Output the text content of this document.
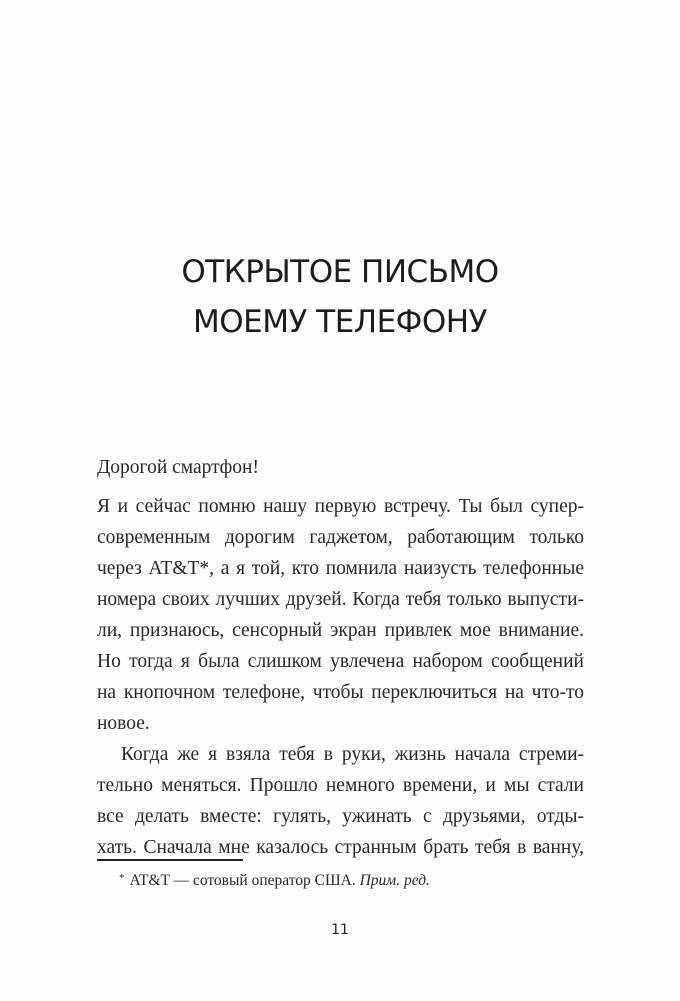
ОТКРЫТОЕ ПИСЬМО
МОЕМУ ТЕЛЕФОНУ
Дорогой смартфон!
Я и сейчас помню нашу первую встречу. Ты был супер-
современным дорогим гаджетом, работающим только
через AT&T*, а я той, кто помнила наизусть телефонные
номера своих лучших друзей. Когда тебя только выпусти-
ли, признаюсь, сенсорный экран привлек мое внимание.
Но тогда я была слишком увлечена набором сообщений
на кнопочном телефоне, чтобы переключиться на что-то
новое.
Когда же я взяла тебя в руки, жизнь начала стреми-
тельно меняться. Прошло немного времени, и мы стали
все делать вместе: гулять, ужинать с друзьями, отды-
хать. Сначала мне казалось странным брать тебя в ванну,
* AT&T — сотовый оператор США. Прим. ред.
11
